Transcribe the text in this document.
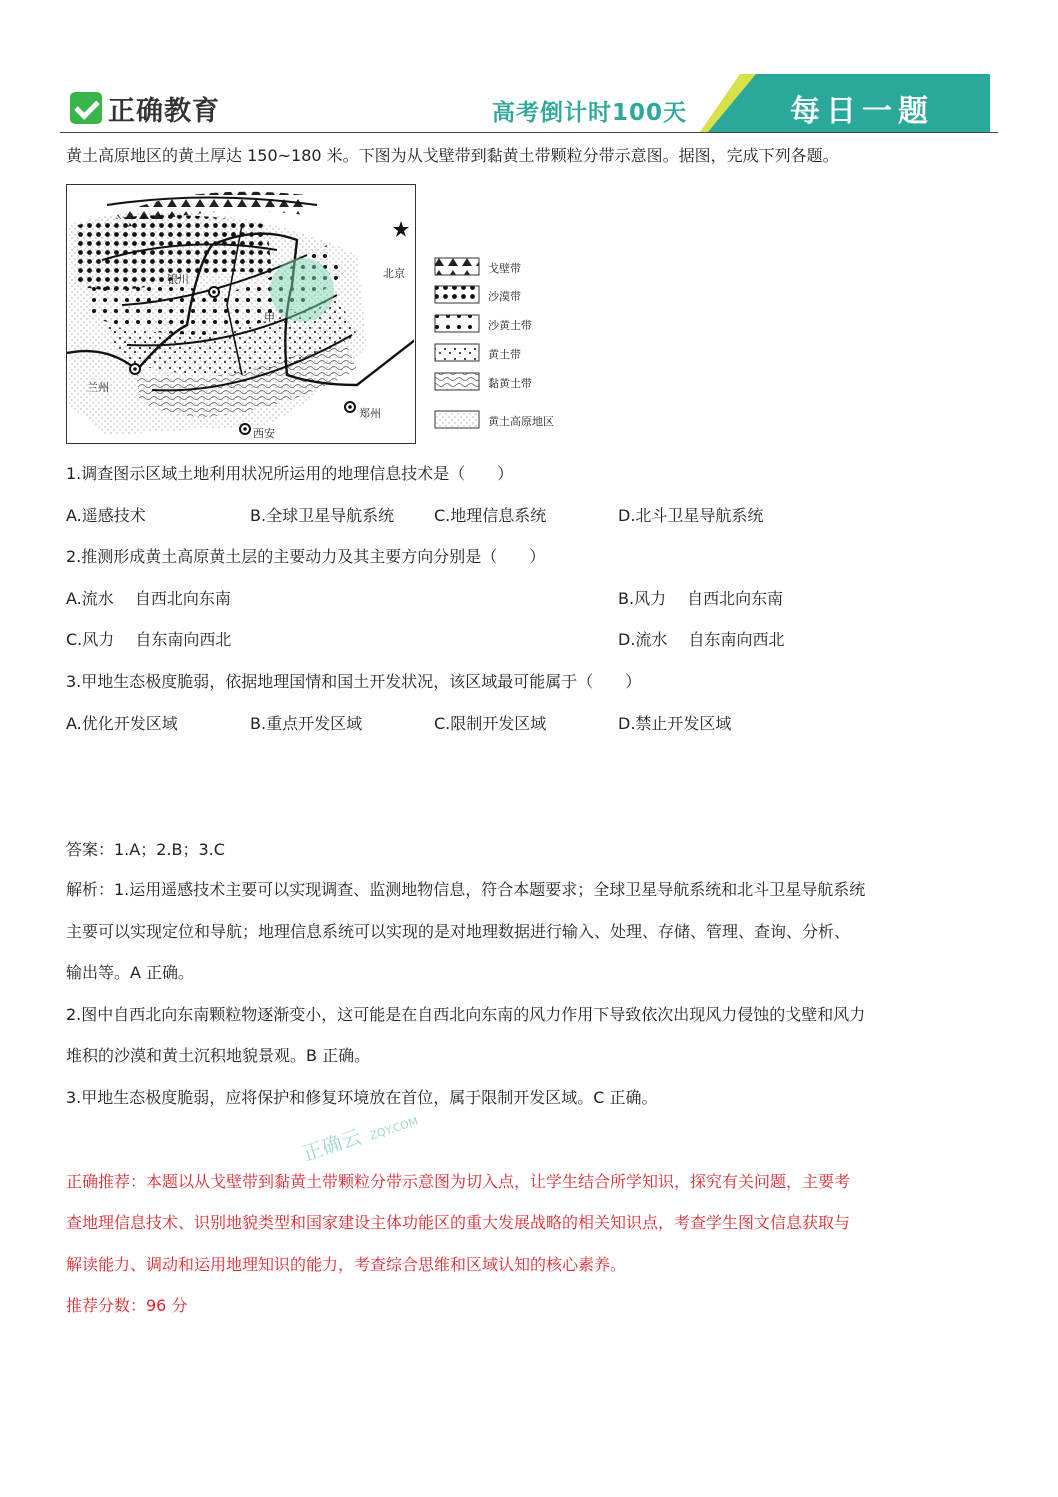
正确教育	高考倒计时100天	每日一题
黄土高原地区的黄土厚达 150~180 米。下图为从戈壁带到黏黄土带颗粒分带示意图。据图，完成下列各题。
银川	北京
兰州
郑州
西安
甲
戈壁带
沙漠带
沙黄土带
黄土带
黏黄土带
黄土高原地区
1.调查图示区域土地利用状况所运用的地理信息技术是（　　）
A.遥感技术	B.全球卫星导航系统 C.地理信息系统	D.北斗卫星导航系统
2.推测形成黄土高原黄土层的主要动力及其主要方向分别是（　　）
A.流水　 自西北向东南	B.风力　 自西北向东南
C.风力　 自东南向西北	D.流水　 自东南向西北
3.甲地生态极度脆弱，依据地理国情和国土开发状况，该区域最可能属于（　　）
A.优化开发区域	B.重点开发区域	C.限制开发区域	D.禁止开发区域
答案：1.A；2.B；3.C
解析：1.运用遥感技术主要可以实现调查、监测地物信息，符合本题要求；全球卫星导航系统和北斗卫星导航系统
主要可以实现定位和导航；地理信息系统可以实现的是对地理数据进行输入、处理、存储、管理、查询、分析、
输出等。A 正确。
2.图中自西北向东南颗粒物逐渐变小，这可能是在自西北向东南的风力作用下导致依次出现风力侵蚀的戈壁和风力
堆积的沙漠和黄土沉积地貌景观。B 正确。
3.甲地生态极度脆弱，应将保护和修复环境放在首位，属于限制开发区域。C 正确。
正确云 ZQY.COM
正确推荐：本题以从戈壁带到黏黄土带颗粒分带示意图为切入点，让学生结合所学知识，探究有关问题，主要考
查地理信息技术、识别地貌类型和国家建设主体功能区的重大发展战略的相关知识点，考查学生图文信息获取与
解读能力、调动和运用地理知识的能力，考查综合思维和区域认知的核心素养。
推荐分数：96 分
